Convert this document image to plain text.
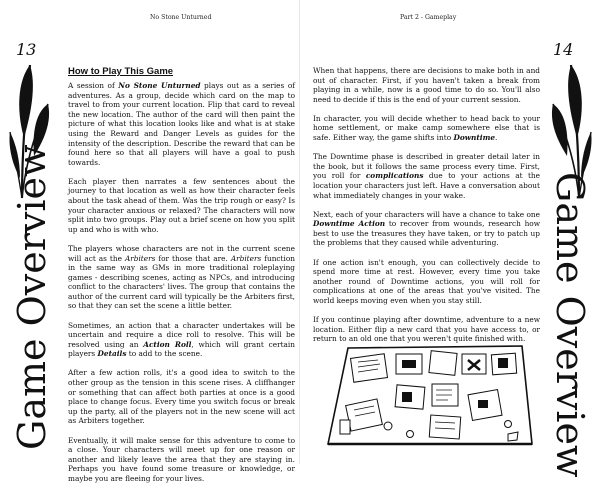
No Stone Unturned
13
Game Overview
How to Play This Game

A session of No Stone Unturned plays out as a series of adventures. As a group, decide which card on the map to travel to from your current location. Flip that card to reveal the new location. The author of the card will then paint the picture of what this location looks like and what is at stake using the Reward and Danger Levels as guides for the intensity of the description. Describe the reward that can be found here so that all players will have a goal to push towards.

Each player then narrates a few sentences about the journey to that location as well as how their character feels about the task ahead of them. Was the trip rough or easy? Is your character anxious or relaxed? The characters will now split into two groups. Play out a brief scene on how you split up and who is with who.

The players whose characters are not in the current scene will act as the Arbiters for those that are. Arbiters function in the same way as GMs in more traditional roleplaying games - describing scenes, acting as NPCs, and introducing conflict to the characters' lives. The group that contains the author of the current card will typically be the Arbiters first, so that they can set the scene a little better.

Sometimes, an action that a character undertakes will be uncertain and require a dice roll to resolve. This will be resolved using an Action Roll, which will grant certain players Details to add to the scene.

After a few action rolls, it's a good idea to switch to the other group as the tension in this scene rises. A cliffhanger or something that can affect both parties at once is a good place to change focus. Every time you switch focus or break up the party, all of the players not in the new scene will act as Arbiters together.

Eventually, it will make sense for this adventure to come to a close. Your characters will meet up for one reason or another and likely leave the area that they are staying in. Perhaps you have found some treasure or knowledge, or maybe you are fleeing for your lives.

Part 2 - Gameplay
14
Game Overview

When that happens, there are decisions to make both in and out of character. First, if you haven't taken a break from playing in a while, now is a good time to do so. You'll also need to decide if this is the end of your current session.

In character, you will decide whether to head back to your home settlement, or make camp somewhere else that is safe. Either way, the game shifts into Downtime.

The Downtime phase is described in greater detail later in the book, but it follows the same process every time. First, you roll for complications due to your actions at the location your characters just left. Have a conversation about what immediately changes in your wake.

Next, each of your characters will have a chance to take one Downtime Action to recover from wounds, research how best to use the treasures they have taken, or try to patch up the problems that they caused while adventuring.

If one action isn't enough, you can collectively decide to spend more time at rest. However, every time you take another round of Downtime actions, you will roll for complications at one of the areas that you've visited. The world keeps moving even when you stay still.

If you continue playing after downtime, adventure to a new location. Either flip a new card that you have access to, or return to an old one that you weren't quite finished with.
